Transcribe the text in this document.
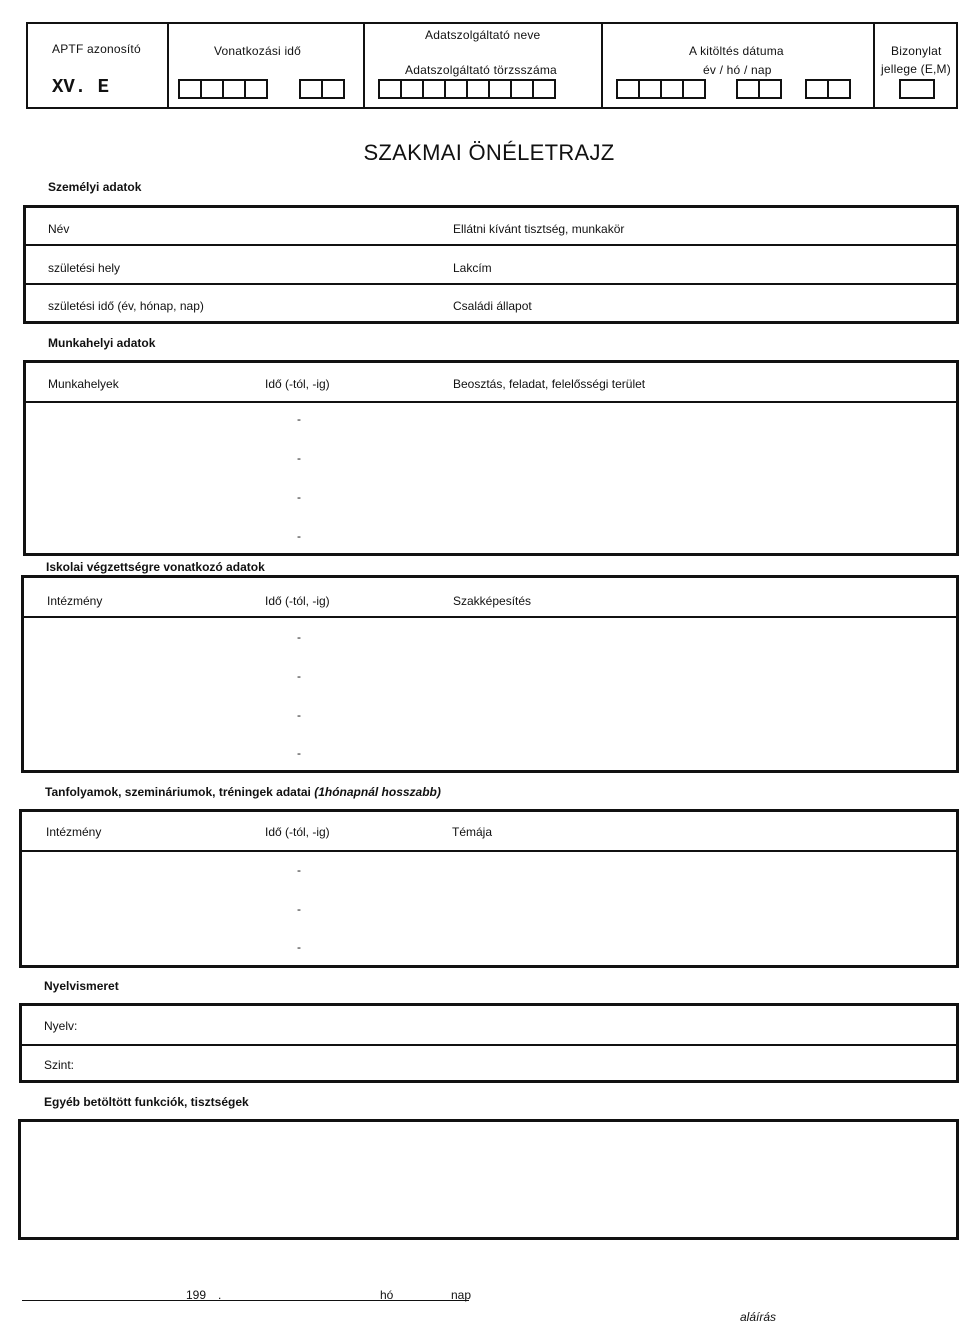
APTF azonosító
XV. E
Vonatkozási idő
Adatszolgáltató neve
Adatszolgáltató törzsszáma
A kitöltés dátuma
év / hó / nap
Bizonylat
jellege (E,M)
SZAKMAI ÖNÉLETRAJZ
Személyi adatok
Név	Ellátni kívánt tisztség, munkakör
születési hely	Lakcím
születési idő (év, hónap, nap)	Családi állapot
Munkahelyi adatok
Munkahelyek	Idő (-tól, -ig)	Beosztás, feladat, felelősségi terület
-
-
-
-
Iskolai végzettségre vonatkozó adatok
Intézmény	Idő (-tól, -ig)	Szakképesítés
-
-
-
-
Tanfolyamok, szemináriumok, tréningek adatai (1hónapnál hosszabb)
Intézmény	Idő (-tól, -ig)	Témája
-
-
-
Nyelvismeret
Nyelv:
Szint:
Egyéb betöltött funkciók, tisztségek
199 .	hó	nap
aláírás
